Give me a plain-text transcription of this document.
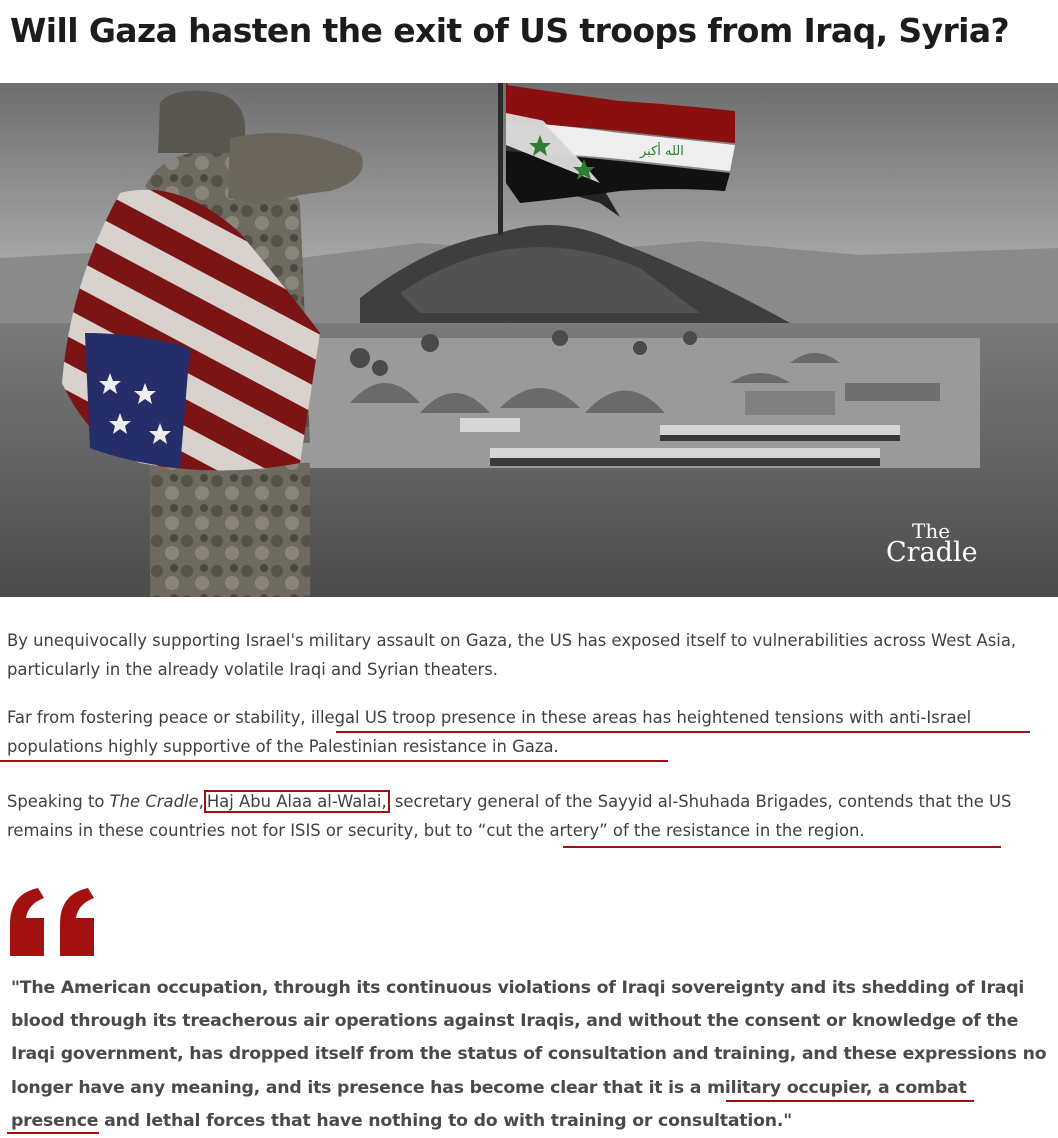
Will Gaza hasten the exit of US troops from Iraq, Syria?
الله أكبر
The
Cradle

By unequivocally supporting Israel's military assault on Gaza, the US has exposed itself to vulnerabilities across West Asia, particularly in the already volatile Iraqi and Syrian theaters.

Far from fostering peace or stability, illegal US troop presence in these areas has heightened tensions with anti-Israel populations highly supportive of the Palestinian resistance in Gaza.

Speaking to The Cradle, Haj Abu Alaa al-Walai, secretary general of the Sayyid al-Shuhada Brigades, contends that the US remains in these countries not for ISIS or security, but to “cut the artery” of the resistance in the region.

"The American occupation, through its continuous violations of Iraqi sovereignty and its shedding of Iraqi blood through its treacherous air operations against Iraqis, and without the consent or knowledge of the Iraqi government, has dropped itself from the status of consultation and training, and these expressions no longer have any meaning, and its presence has become clear that it is a military occupier, a combat presence and lethal forces that have nothing to do with training or consultation."
